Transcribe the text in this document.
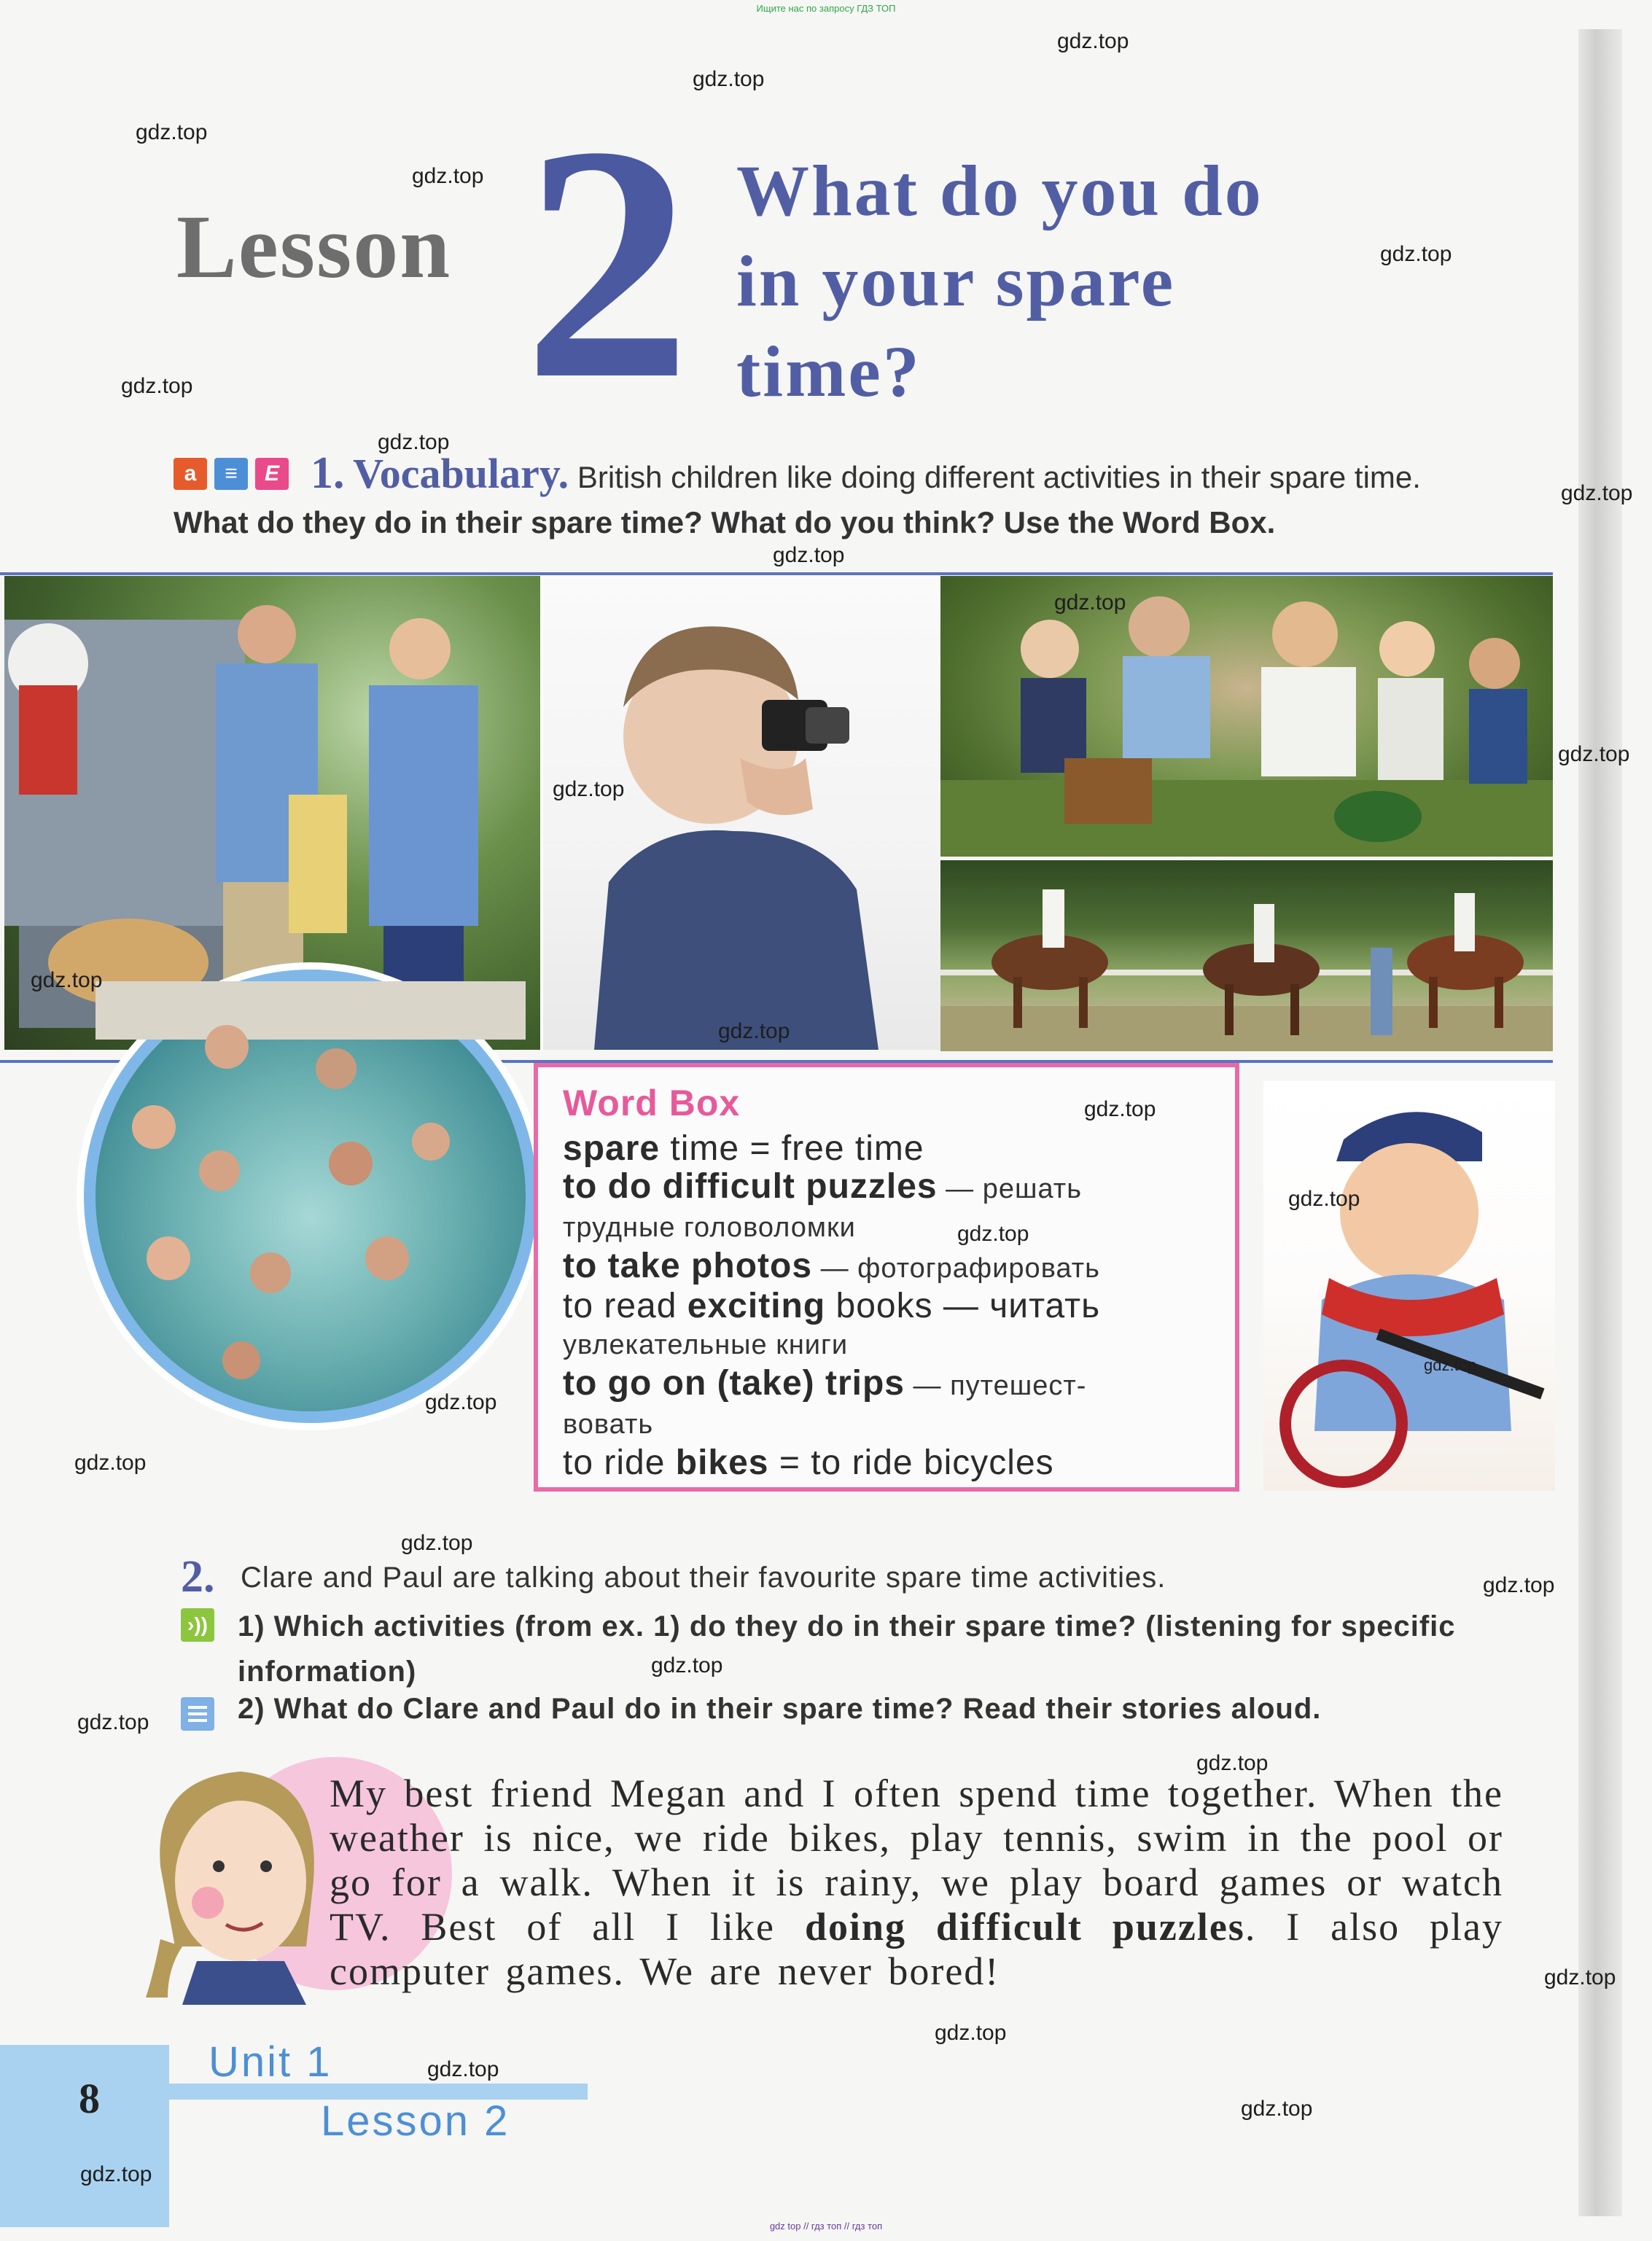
Ищите нас по запросу ГДЗ ТОП
Lesson 2 What do you do
in your spare
time?
a	≡	E 1. Vocabulary. British children like doing different activities in their spare time. What do they do in their spare time? What do you think? Use the Word Box.
Word Box
spare time = free time
to do difficult puzzles — решать
трудные головоломки
to take photos — фотографировать
to read exciting books — читать
увлекательные книги
to go on (take) trips — путешест-
вовать
to ride bikes = to ride bicycles
2. Clare and Paul are talking about their favourite spare time activities.
›)) 1) Which activities (from ex. 1) do they do in their spare time? (listening for specific information)
2) What do Clare and Paul do in their spare time? Read their stories aloud.
My best friend Megan and I often spend time together. When the weather is nice, we ride bikes, play tennis, swim in the pool or go for a walk. When it is rainy, we play board games or watch TV. Best of all I like doing difficult puzzles. I also play computer games. We are never bored!
8
Unit 1
Lesson 2
gdz top // гдз топ // гдз топ
gdz.top
gdz.top
gdz.top
gdz.top
gdz.top
gdz.top
gdz.top
gdz.top
gdz.top
gdz.top
gdz.top
gdz.top
gdz.top
gdz.top
gdz.top
gdz.top
gdz.top
gdz.top
gdz.top
gdz.top
gdz.top
gdz.top
gdz.top
gdz.top
gdz.top
gdz.top
gdz.top
gdz.top
gdz.top
gdz.top
